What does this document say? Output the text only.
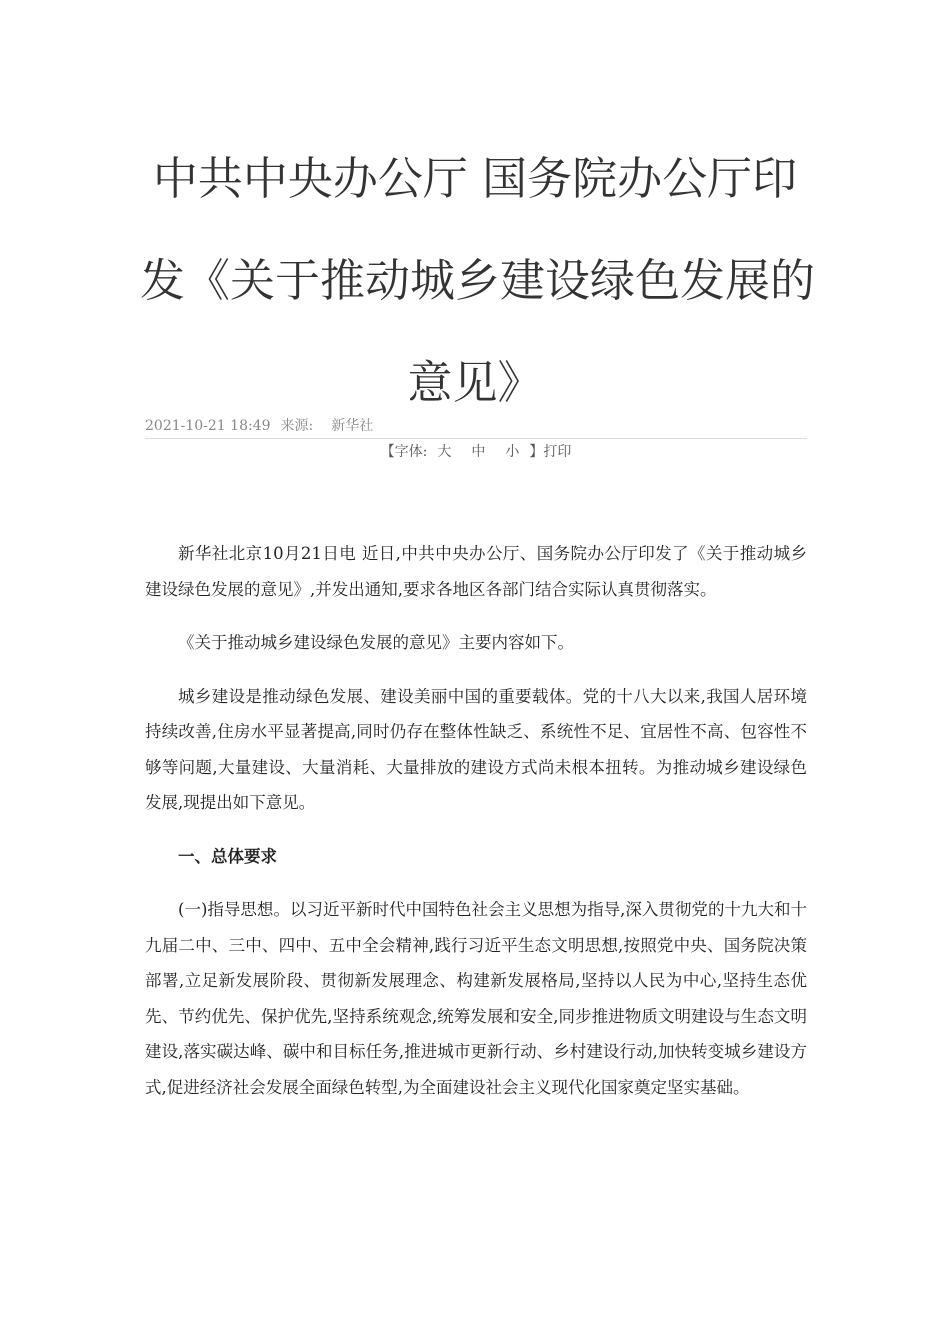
中共中央办公厅 国务院办公厅印
发《关于推动城乡建设绿色发展的
意见》
2021-10-21 18:49 来源: 新华社
【字体: 大 中 小 】打印

新华社北京10月21日电 近日,中共中央办公厅、国务院办公厅印发了《关于推动城乡建设绿色发展的意见》,并发出通知,要求各地区各部门结合实际认真贯彻落实。

《关于推动城乡建设绿色发展的意见》主要内容如下。

城乡建设是推动绿色发展、建设美丽中国的重要载体。党的十八大以来,我国人居环境持续改善,住房水平显著提高,同时仍存在整体性缺乏、系统性不足、宜居性不高、包容性不够等问题,大量建设、大量消耗、大量排放的建设方式尚未根本扭转。为推动城乡建设绿色发展,现提出如下意见。

一、总体要求

(一)指导思想。以习近平新时代中国特色社会主义思想为指导,深入贯彻党的十九大和十九届二中、三中、四中、五中全会精神,践行习近平生态文明思想,按照党中央、国务院决策部署,立足新发展阶段、贯彻新发展理念、构建新发展格局,坚持以人民为中心,坚持生态优先、节约优先、保护优先,坚持系统观念,统筹发展和安全,同步推进物质文明建设与生态文明建设,落实碳达峰、碳中和目标任务,推进城市更新行动、乡村建设行动,加快转变城乡建设方式,促进经济社会发展全面绿色转型,为全面建设社会主义现代化国家奠定坚实基础。
